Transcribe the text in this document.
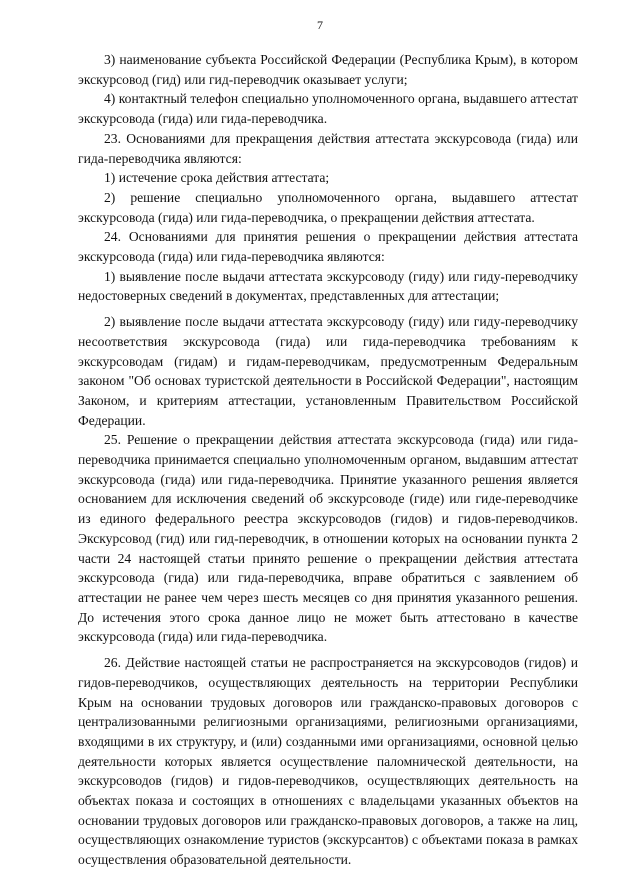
7

3) наименование субъекта Российской Федерации (Республика Крым), в котором экскурсовод (гид) или гид-переводчик оказывает услуги;

4) контактный телефон специально уполномоченного органа, выдавшего аттестат экскурсовода (гида) или гида-переводчика.

23. Основаниями для прекращения действия аттестата экскурсовода (гида) или гида-переводчика являются:

1) истечение срока действия аттестата;

2) решение специально уполномоченного органа, выдавшего аттестат экскурсовода (гида) или гида-переводчика, о прекращении действия аттестата.

24. Основаниями для принятия решения о прекращении действия аттестата экскурсовода (гида) или гида-переводчика являются:

1) выявление после выдачи аттестата экскурсоводу (гиду) или гиду-переводчику недостоверных сведений в документах, представленных для аттестации;

2) выявление после выдачи аттестата экскурсоводу (гиду) или гиду-переводчику несоответствия экскурсовода (гида) или гида-переводчика требованиям к экскурсоводам (гидам) и гидам-переводчикам, предусмотренным Федеральным законом "Об основах туристской деятельности в Российской Федерации", настоящим Законом, и критериям аттестации, установленным Правительством Российской Федерации.

25. Решение о прекращении действия аттестата экскурсовода (гида) или гида-переводчика принимается специально уполномоченным органом, выдавшим аттестат экскурсовода (гида) или гида-переводчика. Принятие указанного решения является основанием для исключения сведений об экскурсоводе (гиде) или гиде-переводчике из единого федерального реестра экскурсоводов (гидов) и гидов-переводчиков. Экскурсовод (гид) или гид-переводчик, в отношении которых на основании пункта 2 части 24 настоящей статьи принято решение о прекращении действия аттестата экскурсовода (гида) или гида-переводчика, вправе обратиться с заявлением об аттестации не ранее чем через шесть месяцев со дня принятия указанного решения. До истечения этого срока данное лицо не может быть аттестовано в качестве экскурсовода (гида) или гида-переводчика.

26. Действие настоящей статьи не распространяется на экскурсоводов (гидов) и гидов-переводчиков, осуществляющих деятельность на территории Республики Крым на основании трудовых договоров или гражданско-правовых договоров с централизованными религиозными организациями, религиозными организациями, входящими в их структуру, и (или) созданными ими организациями, основной целью деятельности которых является осуществление паломнической деятельности, на экскурсоводов (гидов) и гидов-переводчиков, осуществляющих деятельность на объектах показа и состоящих в отношениях с владельцами указанных объектов на основании трудовых договоров или гражданско-правовых договоров, а также на лиц, осуществляющих ознакомление туристов (экскурсантов) с объектами показа в рамках осуществления образовательной деятельности.
